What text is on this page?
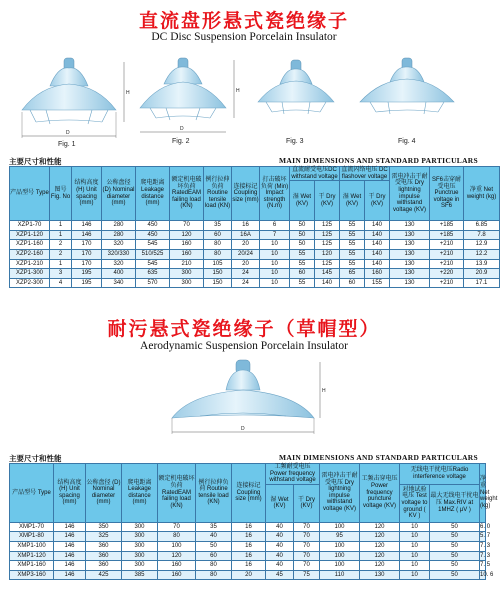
直流盘形悬式瓷绝缘子
DC Disc Suspension Porcelain Insulator
H
D
H
D
Fig. 1	Fig. 2	Fig. 3	Fig. 4
主要尺寸和性能	MAIN DIMENSIONS AND STANDARD PARTICULARS
产品型号 Type	图号 Fig. No	结构高度 (H) Unit spacing (mm)	公称盘径 (D) Nominal diameter (mm)	爬电距离 Leakage distance (mm)	额定机电破坏负荷 RatedEAM failing load (KN)	例行拉伸负荷 Routine tensile load (KN)	连接标记 Coupling size (mm)	打击破坏负荷 (Min) Impact strength (N.m)	直流耐受电压DC withstand voltage		直流闪络电压 DC flashover voltage		雷电冲击干耐受电压 Dry lightning impulse withstand voltage (KV)	SF6击穿耐受电压 Punctrue voltage in SF6	净重 Net weight (kg)
									湿 Wet (KV)	干 Dry (KV)	湿 Wet (KV)	干 Dry (KV)			
XZP1-70	1	146	280	450	70	35	16	6	50	125	55	140	130	+185	6.85
XZP1-120	1	146	280	450	120	60	16A	7	50	125	55	140	130	+185	7.8
XZP1-160	2	170	320	545	160	80	20	10	50	125	55	140	130	+210	12.9
XZP2-160	2	170	320/330	510/525	160	80	20/24	10	55	120	55	140	130	+210	12.2
XZP1-210	1	170	320	545	210	105	20	10	55	125	55	140	130	+210	13.9
XZP1-300	3	195	400	635	300	150	24	10	60	145	65	160	130	+220	20.9
XZP2-300	4	195	340	570	300	150	24	10	55	140	60	155	130	+210	17.1
耐污悬式瓷绝缘子（草帽型）
Aerodynamic Suspension Porcelain Insulator
H
D
主要尺寸和性能	MAIN DIMENSIONS AND STANDARD PARTICULARS
产品型号 Type	结构高度(H) Unit spacing (mm)	公称盘径 (D) Nominal diameter (mm)	爬电距离 Leakage distance (mm)	额定机电破坏负荷 RatedEAM failing load (KN)	例行拉伸负荷 Routine tensile load (KN)	连接标记 Coupling size (mm)	工频耐受电压 Power frequency withstand voltage		雷电冲击干耐受电压 Dry lightning impulse withstand voltage (KV)	工频击穿电压 Power frequency puncture voltage (KV)	无线电干扰电压Radio interference voltage		净重 Net weight (kg)
							湿 Wet (KV)	干 Dry (KV)			对地试验电压 Test voltage to ground ( KV )	最大无线电干扰电压 Max.RIV at 1MHZ ( μV )	
XMP1-70	146	350	300	70	35	16	40	70	100	120	10	50	6. 0
XMP1-80	146	325	300	80	40	16	40	70	95	120	10	50	5. 7
XMP1-100	146	360	300	100	50	16	40	70	100	120	10	50	7. 3
XMP1-120	146	360	300	120	60	16	40	70	100	120	10	50	7. 3
XMP1-160	146	360	300	160	80	16	40	70	100	120	10	50	7. 5
XMP3-160	146	425	385	160	80	20	45	75	110	130	10	50	10. 6
